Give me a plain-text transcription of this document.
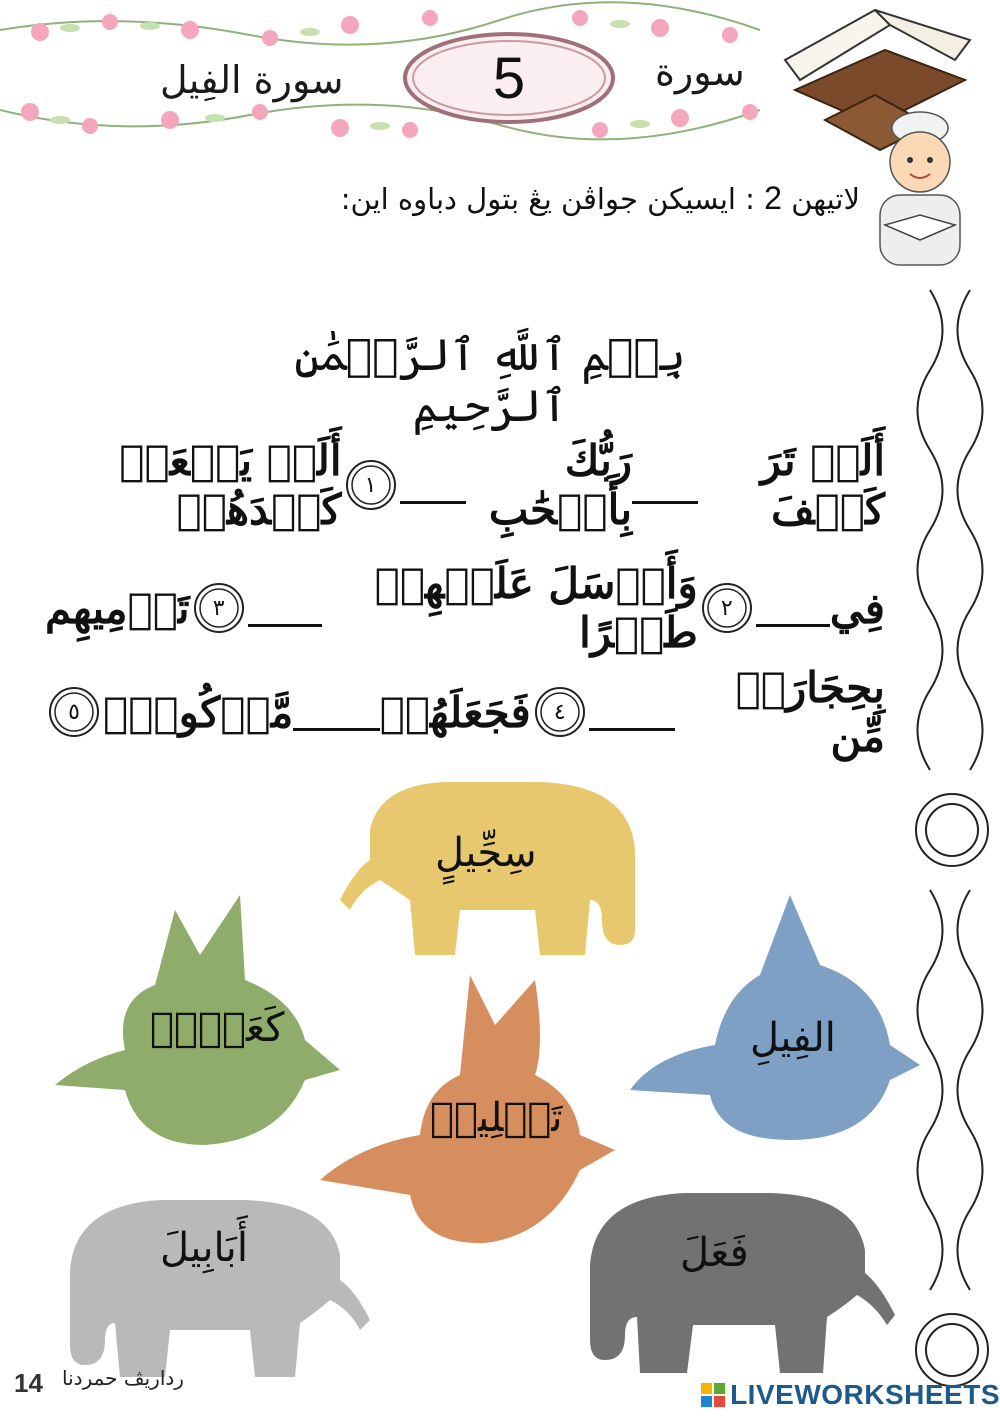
سورة
سورة الفِيل	5
لاتيهن 2 : ايسيكن جواڤن يڠ بتول دباوه اين:
بِسۡمِ ٱللَّهِ ٱلرَّحۡمَٰنِ ٱلرَّحِيمِ
أَلَمۡ تَرَ كَيۡفَ
رَبُّكَ بِأَصۡحَٰبِ
١
أَلَمۡ يَجۡعَلۡ كَيۡدَهُمۡ
فِي
٢
وَأَرۡسَلَ عَلَيۡهِمۡ طَيۡرًا
٣
تَرۡمِيهِم
بِحِجَارَةٖ مِّن
٤
فَجَعَلَهُمۡ
مَّأۡكُولِۭ
٥
سِجِّيلٍ
كَعَصۡفٖ	الفِيلِ
تَضۡلِيلٖ
أَبَابِيلَ	فَعَلَ
14 رداريڤ حمردنا
LIVEWORKSHEETS
